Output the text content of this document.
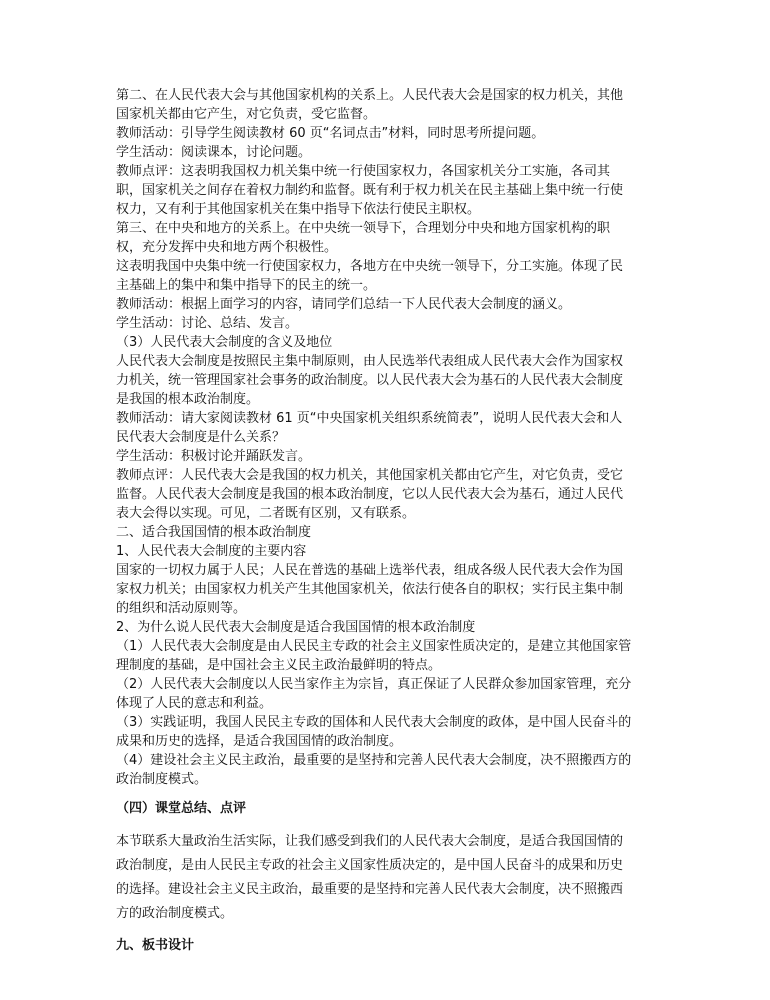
第二、在人民代表大会与其他国家机构的关系上。人民代表大会是国家的权力机关，其他
国家机关都由它产生，对它负责，受它监督。
教师活动：引导学生阅读教材 60 页“名词点击”材料，同时思考所提问题。
学生活动：阅读课本，讨论问题。
教师点评：这表明我国权力机关集中统一行使国家权力，各国家机关分工实施，各司其
职，国家机关之间存在着权力制约和监督。既有利于权力机关在民主基础上集中统一行使
权力，又有利于其他国家机关在集中指导下依法行使民主职权。
第三、在中央和地方的关系上。在中央统一领导下，合理划分中央和地方国家机构的职
权，充分发挥中央和地方两个积极性。
这表明我国中央集中统一行使国家权力，各地方在中央统一领导下，分工实施。体现了民
主基础上的集中和集中指导下的民主的统一。
教师活动：根据上面学习的内容，请同学们总结一下人民代表大会制度的涵义。
学生活动：讨论、总结、发言。
（3）人民代表大会制度的含义及地位
人民代表大会制度是按照民主集中制原则，由人民选举代表组成人民代表大会作为国家权
力机关，统一管理国家社会事务的政治制度。以人民代表大会为基石的人民代表大会制度
是我国的根本政治制度。
教师活动：请大家阅读教材 61 页“中央国家机关组织系统简表”，说明人民代表大会和人
民代表大会制度是什么关系？
学生活动：积极讨论并踊跃发言。
教师点评：人民代表大会是我国的权力机关，其他国家机关都由它产生，对它负责，受它
监督。人民代表大会制度是我国的根本政治制度，它以人民代表大会为基石，通过人民代
表大会得以实现。可见，二者既有区别，又有联系。
二、适合我国国情的根本政治制度
1、人民代表大会制度的主要内容
国家的一切权力属于人民；人民在普选的基础上选举代表，组成各级人民代表大会作为国
家权力机关；由国家权力机关产生其他国家机关，依法行使各自的职权；实行民主集中制
的组织和活动原则等。
2、为什么说人民代表大会制度是适合我国国情的根本政治制度
（1）人民代表大会制度是由人民民主专政的社会主义国家性质决定的，是建立其他国家管
理制度的基础，是中国社会主义民主政治最鲜明的特点。
（2）人民代表大会制度以人民当家作主为宗旨，真正保证了人民群众参加国家管理，充分
体现了人民的意志和利益。
（3）实践证明，我国人民民主专政的国体和人民代表大会制度的政体，是中国人民奋斗的
成果和历史的选择，是适合我国国情的政治制度。
（4）建设社会主义民主政治，最重要的是坚持和完善人民代表大会制度，决不照搬西方的
政治制度模式。
（四）课堂总结、点评
本节联系大量政治生活实际，让我们感受到我们的人民代表大会制度，是适合我国国情的
政治制度，是由人民民主专政的社会主义国家性质决定的，是中国人民奋斗的成果和历史
的选择。建设社会主义民主政治，最重要的是坚持和完善人民代表大会制度，决不照搬西
方的政治制度模式。
九、板书设计
